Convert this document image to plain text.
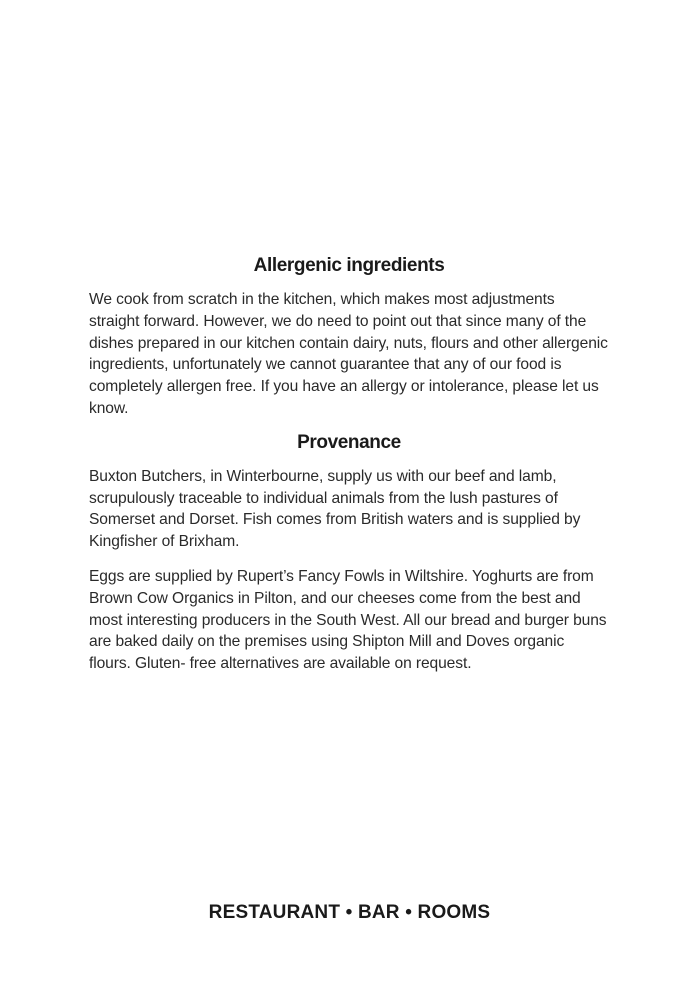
Allergenic ingredients

We cook from scratch in the kitchen, which makes most adjustments straight forward. However, we do need to point out that since many of the dishes prepared in our kitchen contain dairy, nuts, flours and other allergenic ingredients, unfortunately we cannot guarantee that any of our food is completely allergen free. If you have an allergy or intolerance, please let us know.

Provenance

Buxton Butchers, in Winterbourne, supply us with our beef and lamb, scrupulously traceable to individual animals from the lush pastures of Somerset and Dorset. Fish comes from British waters and is supplied by Kingfisher of Brixham.

Eggs are supplied by Rupert’s Fancy Fowls in Wiltshire. Yoghurts are from Brown Cow Organics in Pilton, and our cheeses come from the best and most interesting producers in the South West. All our bread and burger buns are baked daily on the premises using Shipton Mill and Doves organic flours. Gluten- free alternatives are available on request.

RESTAURANT • BAR • ROOMS
